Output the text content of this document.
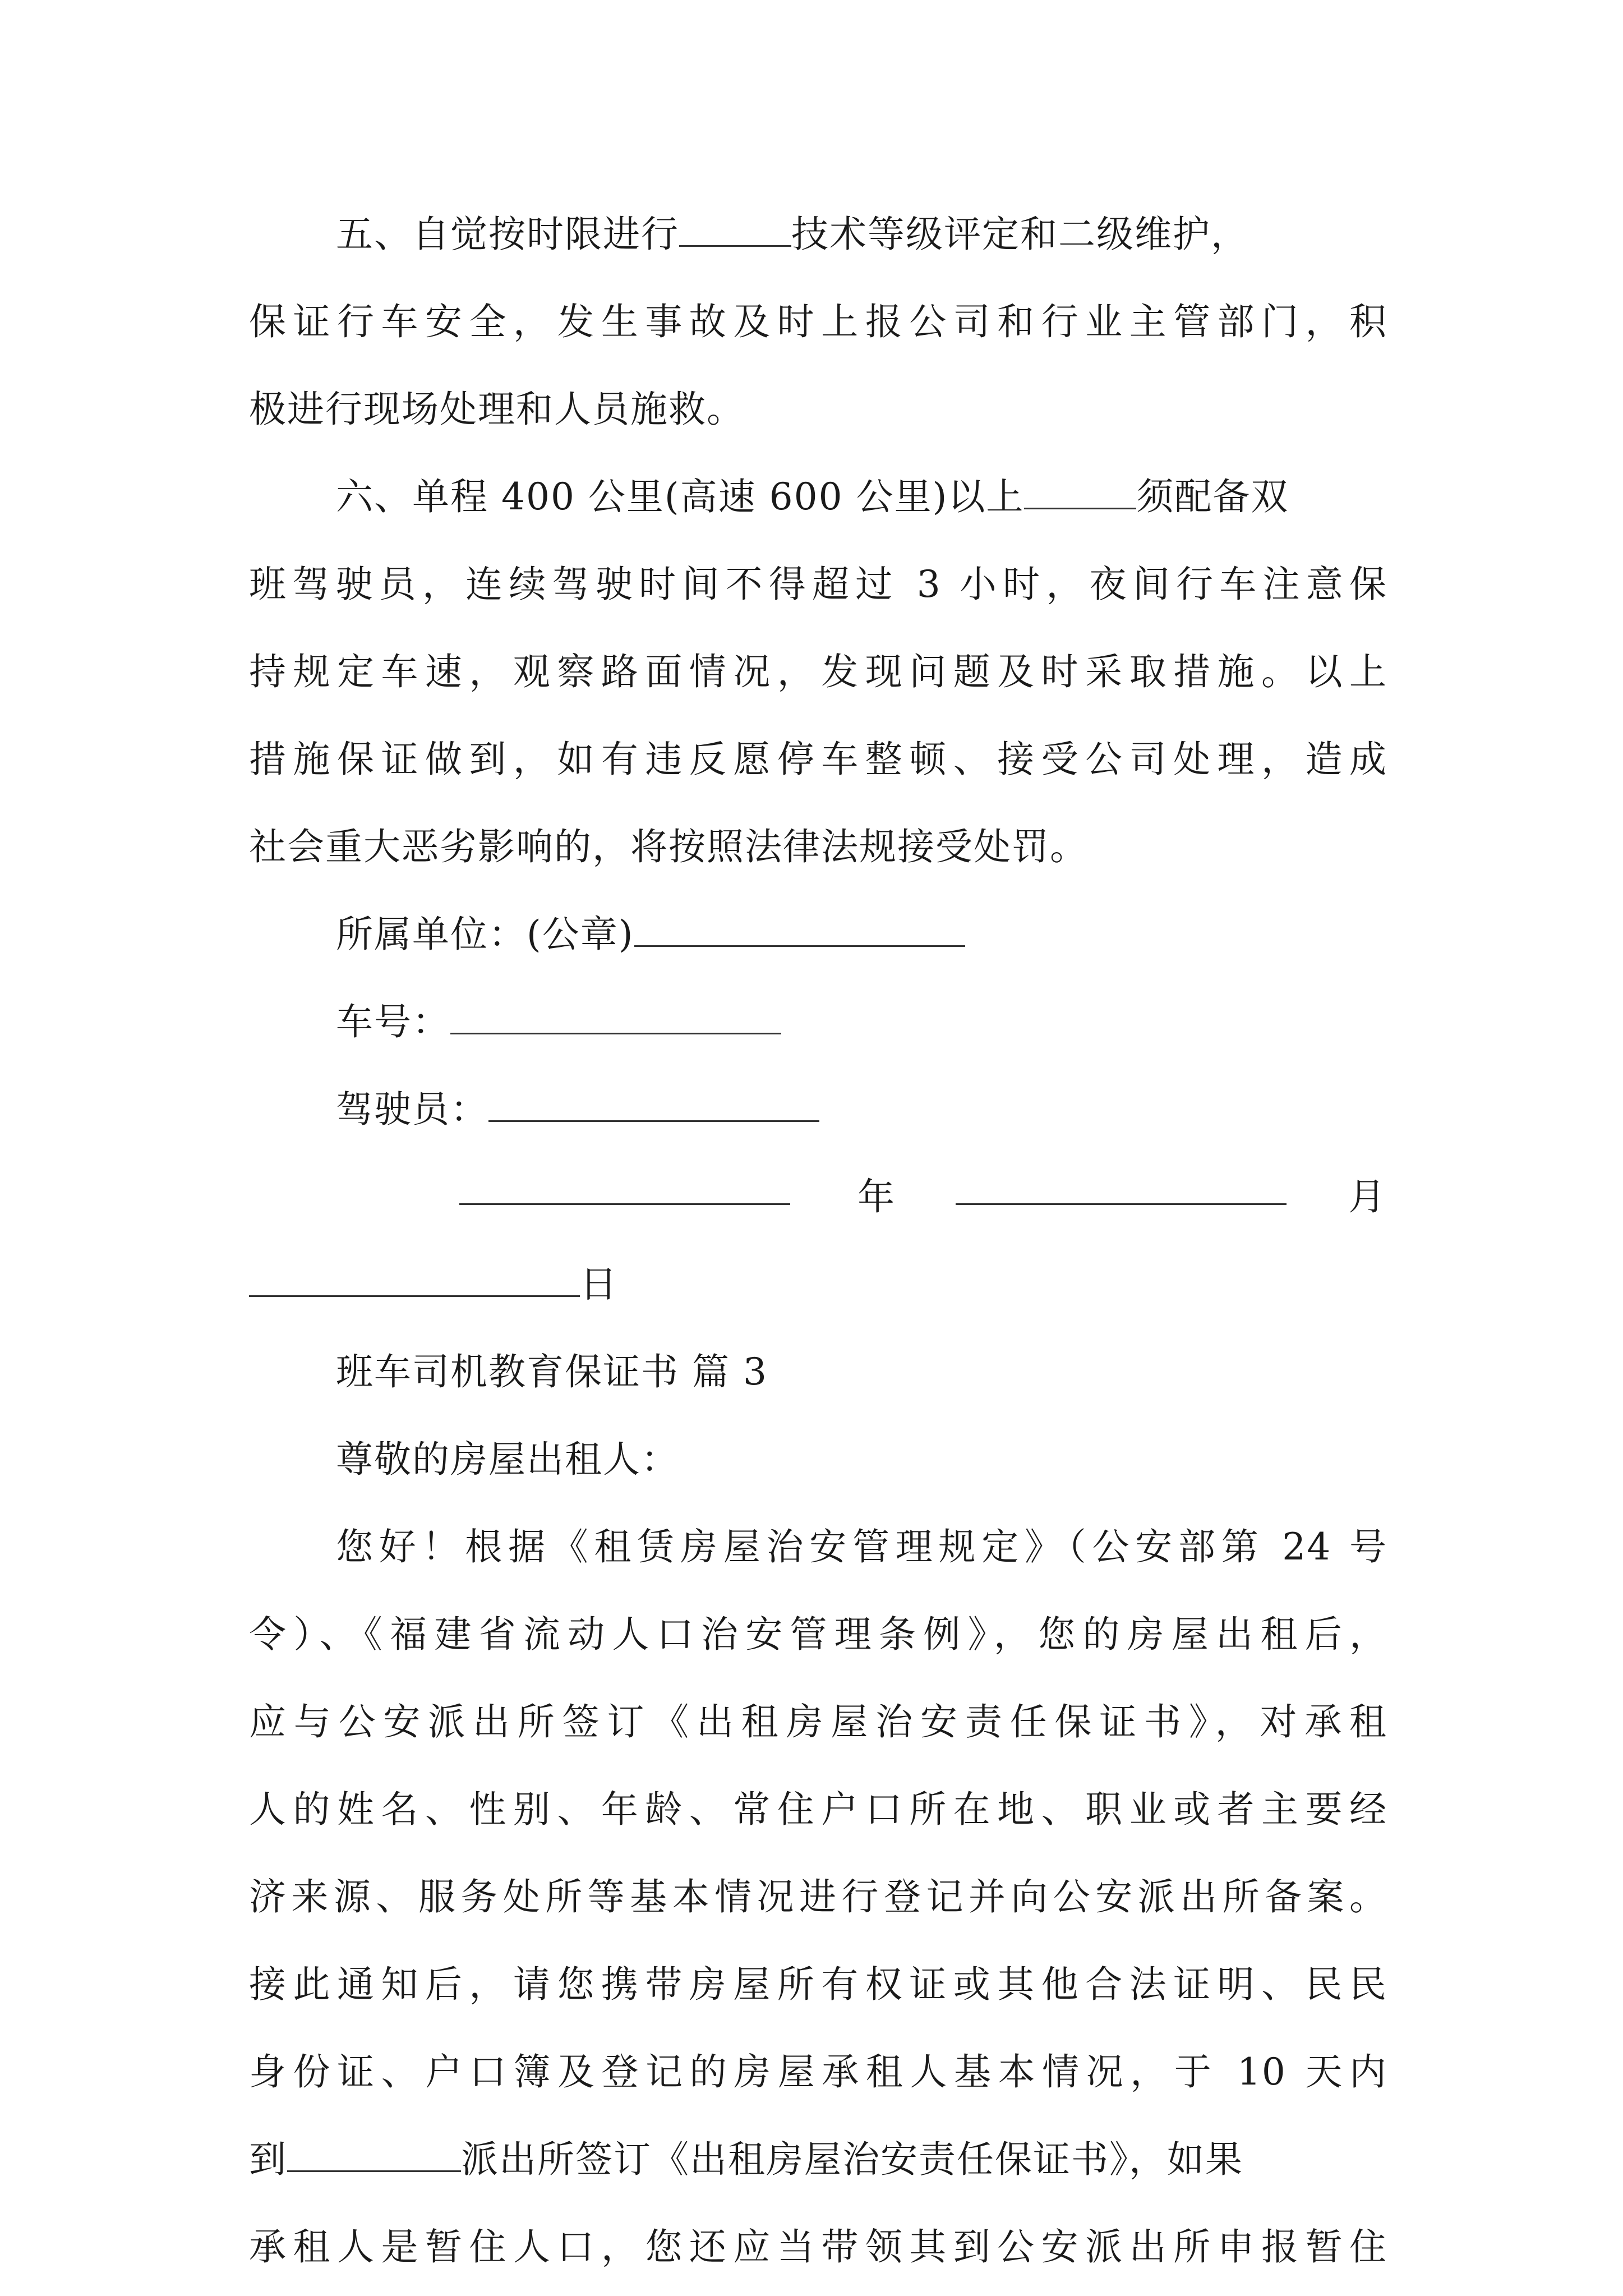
五、自觉按时限进行	技术等级评定和二级维护，
保证行车安全，发生事故及时上报公司和行业主管部门，积
极进行现场处理和人员施救。
六、单程 400 公里(高速 600 公里)以上	须配备双
班驾驶员，连续驾驶时间不得超过 3 小时，夜间行车注意保
持规定车速，观察路面情况，发现问题及时采取措施。以上
措施保证做到，如有违反愿停车整顿、接受公司处理，造成
社会重大恶劣影响的，将按照法律法规接受处罚。
所属单位：(公章)
车号：
驾驶员：
年	月
日
班车司机教育保证书 篇 3
尊敬的房屋出租人：
您好！根据《租赁房屋治安管理规定》（公安部第 24 号
令）、《福建省流动人口治安管理条例》，您的房屋出租后，
应与公安派出所签订《出租房屋治安责任保证书》，对承租
人的姓名、性别、年龄、常住户口所在地、职业或者主要经
济来源、服务处所等基本情况进行登记并向公安派出所备案。
接此通知后，请您携带房屋所有权证或其他合法证明、民民
身份证、户口簿及登记的房屋承租人基本情况，于 10 天内
到	派出所签订《出租房屋治安责任保证书》，如果
承租人是暂住人口，您还应当带领其到公安派出所申报暂住
